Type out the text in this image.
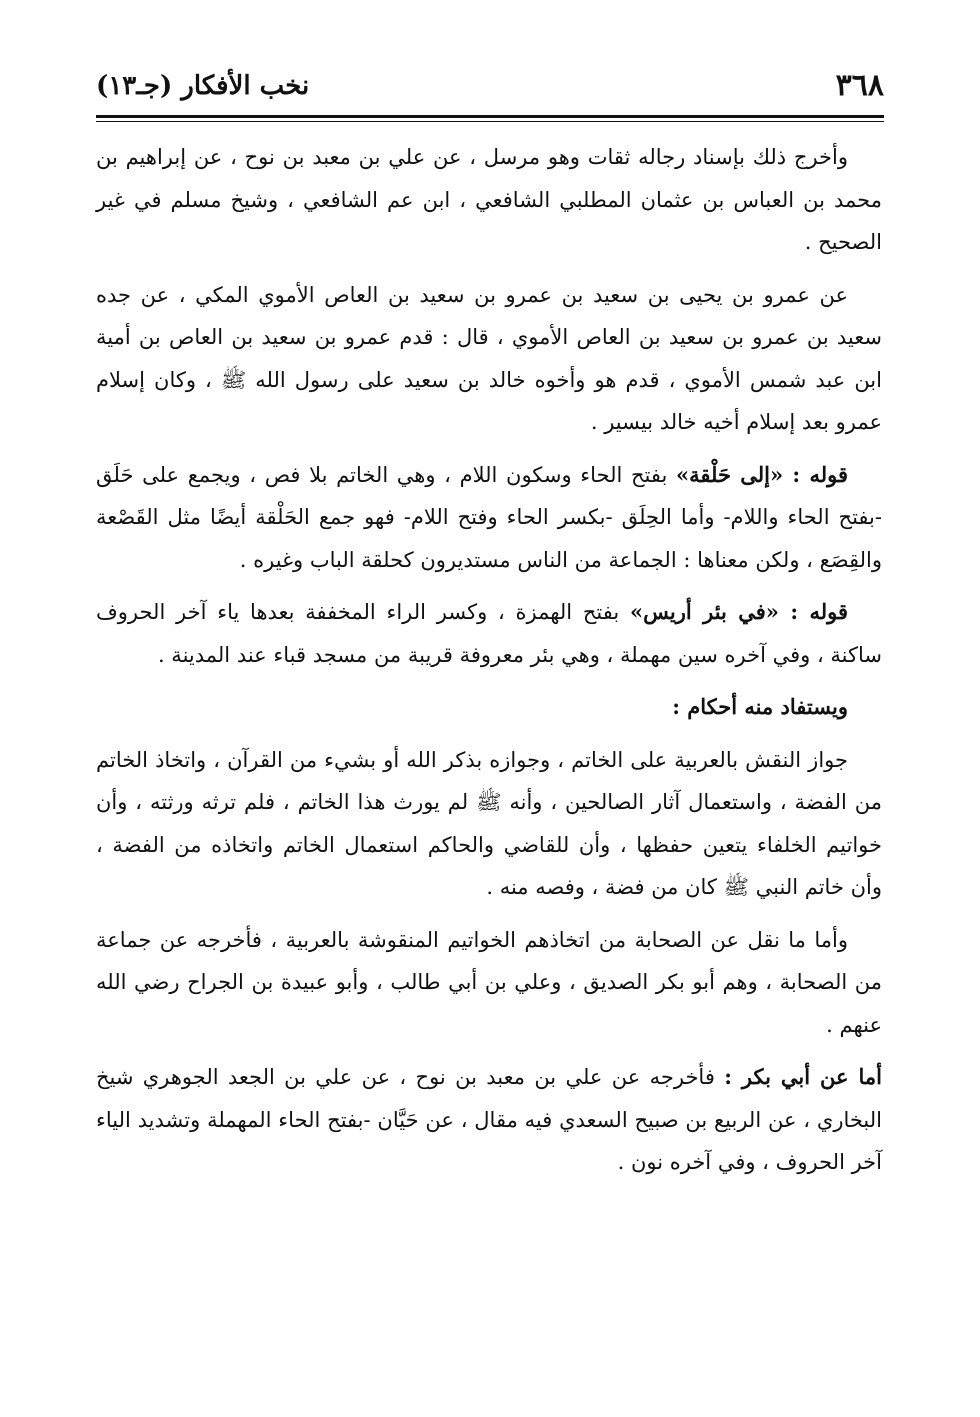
٣٦٨
نخب الأفكار (جـ١٣)

وأخرج ذلك بإسناد رجاله ثقات وهو مرسل ، عن علي بن معبد بن نوح ، عن إبراهيم بن محمد بن العباس بن عثمان المطلبي الشافعي ، ابن عم الشافعي ، وشيخ مسلم في غير الصحيح .

عن عمرو بن يحيى بن سعيد بن عمرو بن سعيد بن العاص الأموي المكي ، عن جده سعيد بن عمرو بن سعيد بن العاص الأموي ، قال : قدم عمرو بن سعيد بن العاص بن أمية ابن عبد شمس الأموي ، قدم هو وأخوه خالد بن سعيد على رسول الله ﷺ ، وكان إسلام عمرو بعد إسلام أخيه خالد بيسير .

قوله : «إلى حَلْقة» بفتح الحاء وسكون اللام ، وهي الخاتم بلا فص ، ويجمع على حَلَق -بفتح الحاء واللام- وأما الحِلَق -بكسر الحاء وفتح اللام- فهو جمع الحَلْقة أيضًا مثل القَصْعة والقِصَع ، ولكن معناها : الجماعة من الناس مستديرون كحلقة الباب وغيره .

قوله : «في بئر أريس» بفتح الهمزة ، وكسر الراء المخففة بعدها ياء آخر الحروف ساكنة ، وفي آخره سين مهملة ، وهي بئر معروفة قريبة من مسجد قباء عند المدينة .

ويستفاد منه أحكام :

جواز النقش بالعربية على الخاتم ، وجوازه بذكر الله أو بشيء من القرآن ، واتخاذ الخاتم من الفضة ، واستعمال آثار الصالحين ، وأنه ﷺ لم يورث هذا الخاتم ، فلم ترثه ورثته ، وأن خواتيم الخلفاء يتعين حفظها ، وأن للقاضي والحاكم استعمال الخاتم واتخاذه من الفضة ، وأن خاتم النبي ﷺ كان من فضة ، وفصه منه .

وأما ما نقل عن الصحابة من اتخاذهم الخواتيم المنقوشة بالعربية ، فأخرجه عن جماعة من الصحابة ، وهم أبو بكر الصديق ، وعلي بن أبي طالب ، وأبو عبيدة بن الجراح رضي الله عنهم .

أما عن أبي بكر : فأخرجه عن علي بن معبد بن نوح ، عن علي بن الجعد الجوهري شيخ البخاري ، عن الربيع بن صبيح السعدي فيه مقال ، عن حَيَّان -بفتح الحاء المهملة وتشديد الياء آخر الحروف ، وفي آخره نون .
